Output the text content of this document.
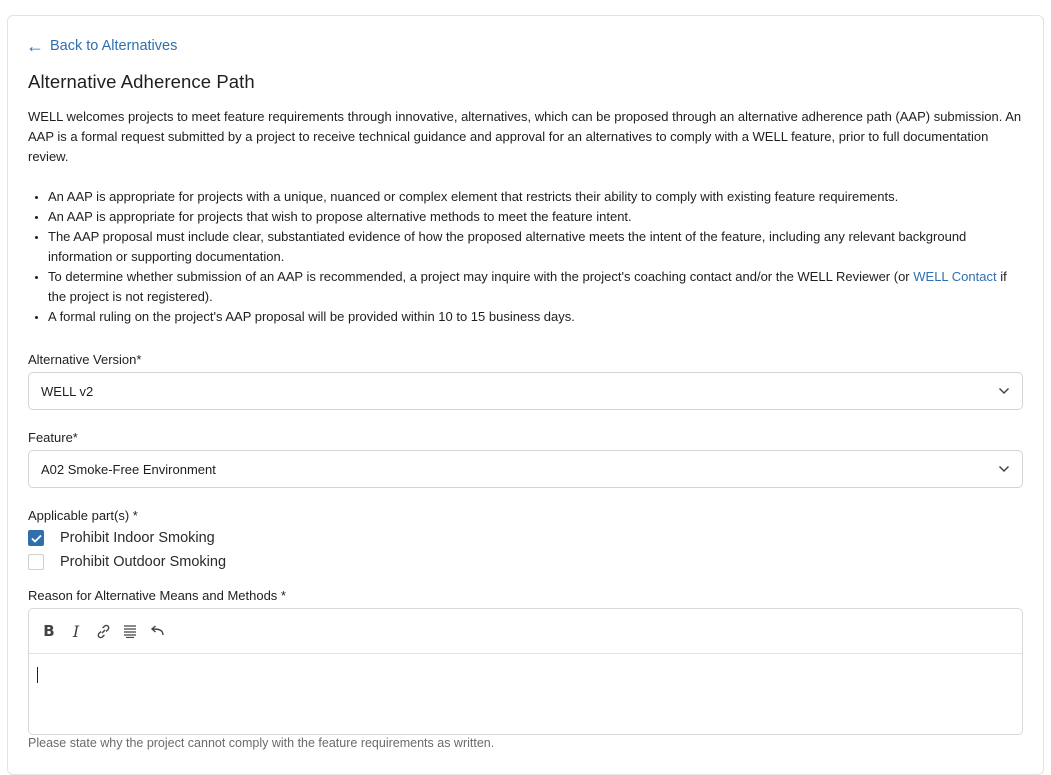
← Back to Alternatives
Alternative Adherence Path

WELL welcomes projects to meet feature requirements through innovative, alternatives, which can be proposed through an alternative adherence path (AAP) submission. An AAP is a formal request submitted by a project to receive technical guidance and approval for an alternatives to comply with a WELL feature, prior to full documentation review.

An AAP is appropriate for projects with a unique, nuanced or complex element that restricts their ability to comply with existing feature requirements.
An AAP is appropriate for projects that wish to propose alternative methods to meet the feature intent.
The AAP proposal must include clear, substantiated evidence of how the proposed alternative meets the intent of the feature, including any relevant background information or supporting documentation.
To determine whether submission of an AAP is recommended, a project may inquire with the project's coaching contact and/or the WELL Reviewer (or WELL Contact if the project is not registered).
A formal ruling on the project's AAP proposal will be provided within 10 to 15 business days.
Alternative Version*
WELL v2
Feature*
A02 Smoke-Free Environment
Applicable part(s) *
Prohibit Indoor Smoking
Prohibit Outdoor Smoking
Reason for Alternative Means and Methods *
B	I

Please state why the project cannot comply with the feature requirements as written.
